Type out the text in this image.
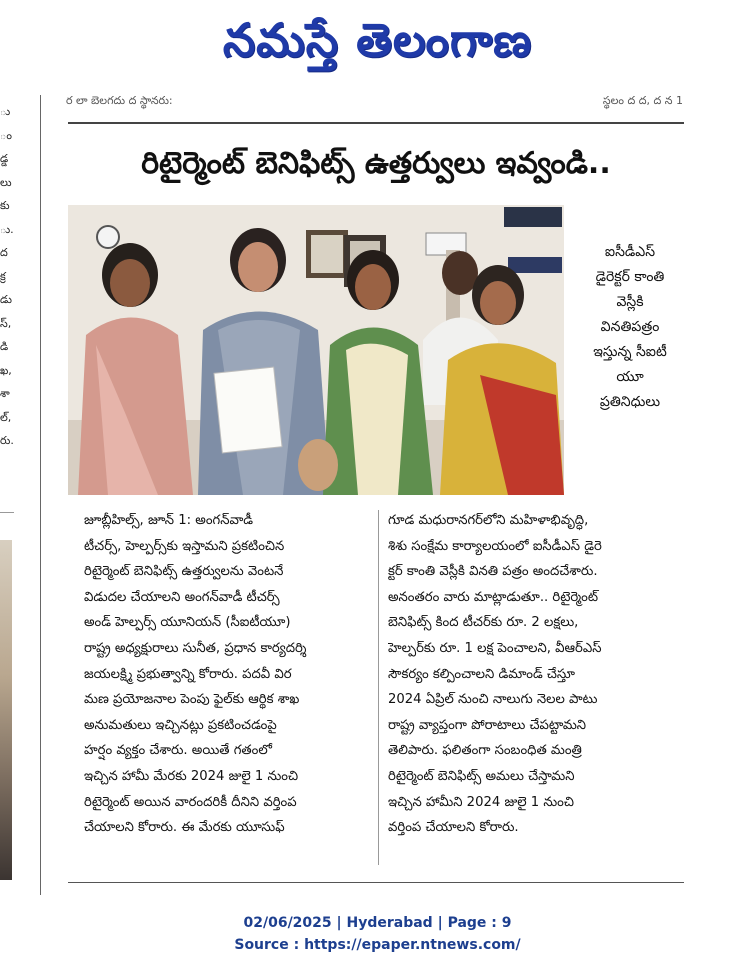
నమస్తే తెలంగాణ
ు
ం
డ్డ
లు
కు
ు.
ద
క్ర
డు
స్,
డి
ఖ,
శా
ల్,
రు.
ర లా బెలగదు ద స్థానరు:	స్థలం ద ద, ద న 1
రిటైర్మెంట్ బెనిఫిట్స్ ఉత్తర్వులు ఇవ్వండి..
ఐసీడీఎస్
డైరెక్టర్ కాంతి
వెస్లీకి
వినతిపత్రం
ఇస్తున్న సీఐటీ
యూ
ప్రతినిధులు
జూబ్లీహిల్స్, జూన్ 1: అంగన్‌వాడీ
టీచర్స్, హెల్పర్స్‌కు ఇస్తామని ప్రకటించిన
రిటైర్మెంట్ బెనిఫిట్స్ ఉత్తర్వులను వెంటనే
విడుదల చేయాలని అంగన్‌వాడీ టీచర్స్
అండ్ హెల్పర్స్ యూనియన్ (సీఐటీయూ)
రాష్ట్ర అధ్యక్షురాలు సునీత, ప్రధాన కార్యదర్శి
జయలక్ష్మి ప్రభుత్వాన్ని కోరారు. పదవీ విర
మణ ప్రయోజనాల పెంపు ఫైల్‌కు ఆర్థిక శాఖ
అనుమతులు ఇచ్చినట్లు ప్రకటించడంపై
హర్షం వ్యక్తం చేశారు. అయితే గతంలో
ఇచ్చిన హామీ మేరకు 2024 జులై 1 నుంచి
రిటైర్మెంట్ అయిన వారందరికీ దీనిని వర్తింప
చేయాలని కోరారు. ఈ మేరకు యూసుఫ్
గూడ మధురానగర్‌లోని మహిళాభివృద్ధి,
శిశు సంక్షేమ కార్యాలయంలో ఐసీడీఎస్ డైరె
క్టర్ కాంతి వెస్లీకి వినతి పత్రం అందచేశారు.
అనంతరం వారు మాట్లాడుతూ.. రిటైర్మెంట్
బెనిఫిట్స్ కింద టీచర్‌కు రూ. 2 లక్షలు,
హెల్పర్‌కు రూ. 1 లక్ష పెంచాలని, వీఆర్‌ఎస్
సౌకర్యం కల్పించాలని డిమాండ్ చేస్తూ
2024 ఏప్రిల్ నుంచి నాలుగు నెలల పాటు
రాష్ట్ర వ్యాప్తంగా పోరాటాలు చేపట్టామని
తెలిపారు. ఫలితంగా సంబంధిత మంత్రి
రిటైర్మెంట్ బెనిఫిట్స్ అమలు చేస్తామని
ఇచ్చిన హామీని 2024 జులై 1 నుంచి
వర్తింప చేయాలని కోరారు.
02/06/2025 | Hyderabad | Page : 9
Source : https://epaper.ntnews.com/
